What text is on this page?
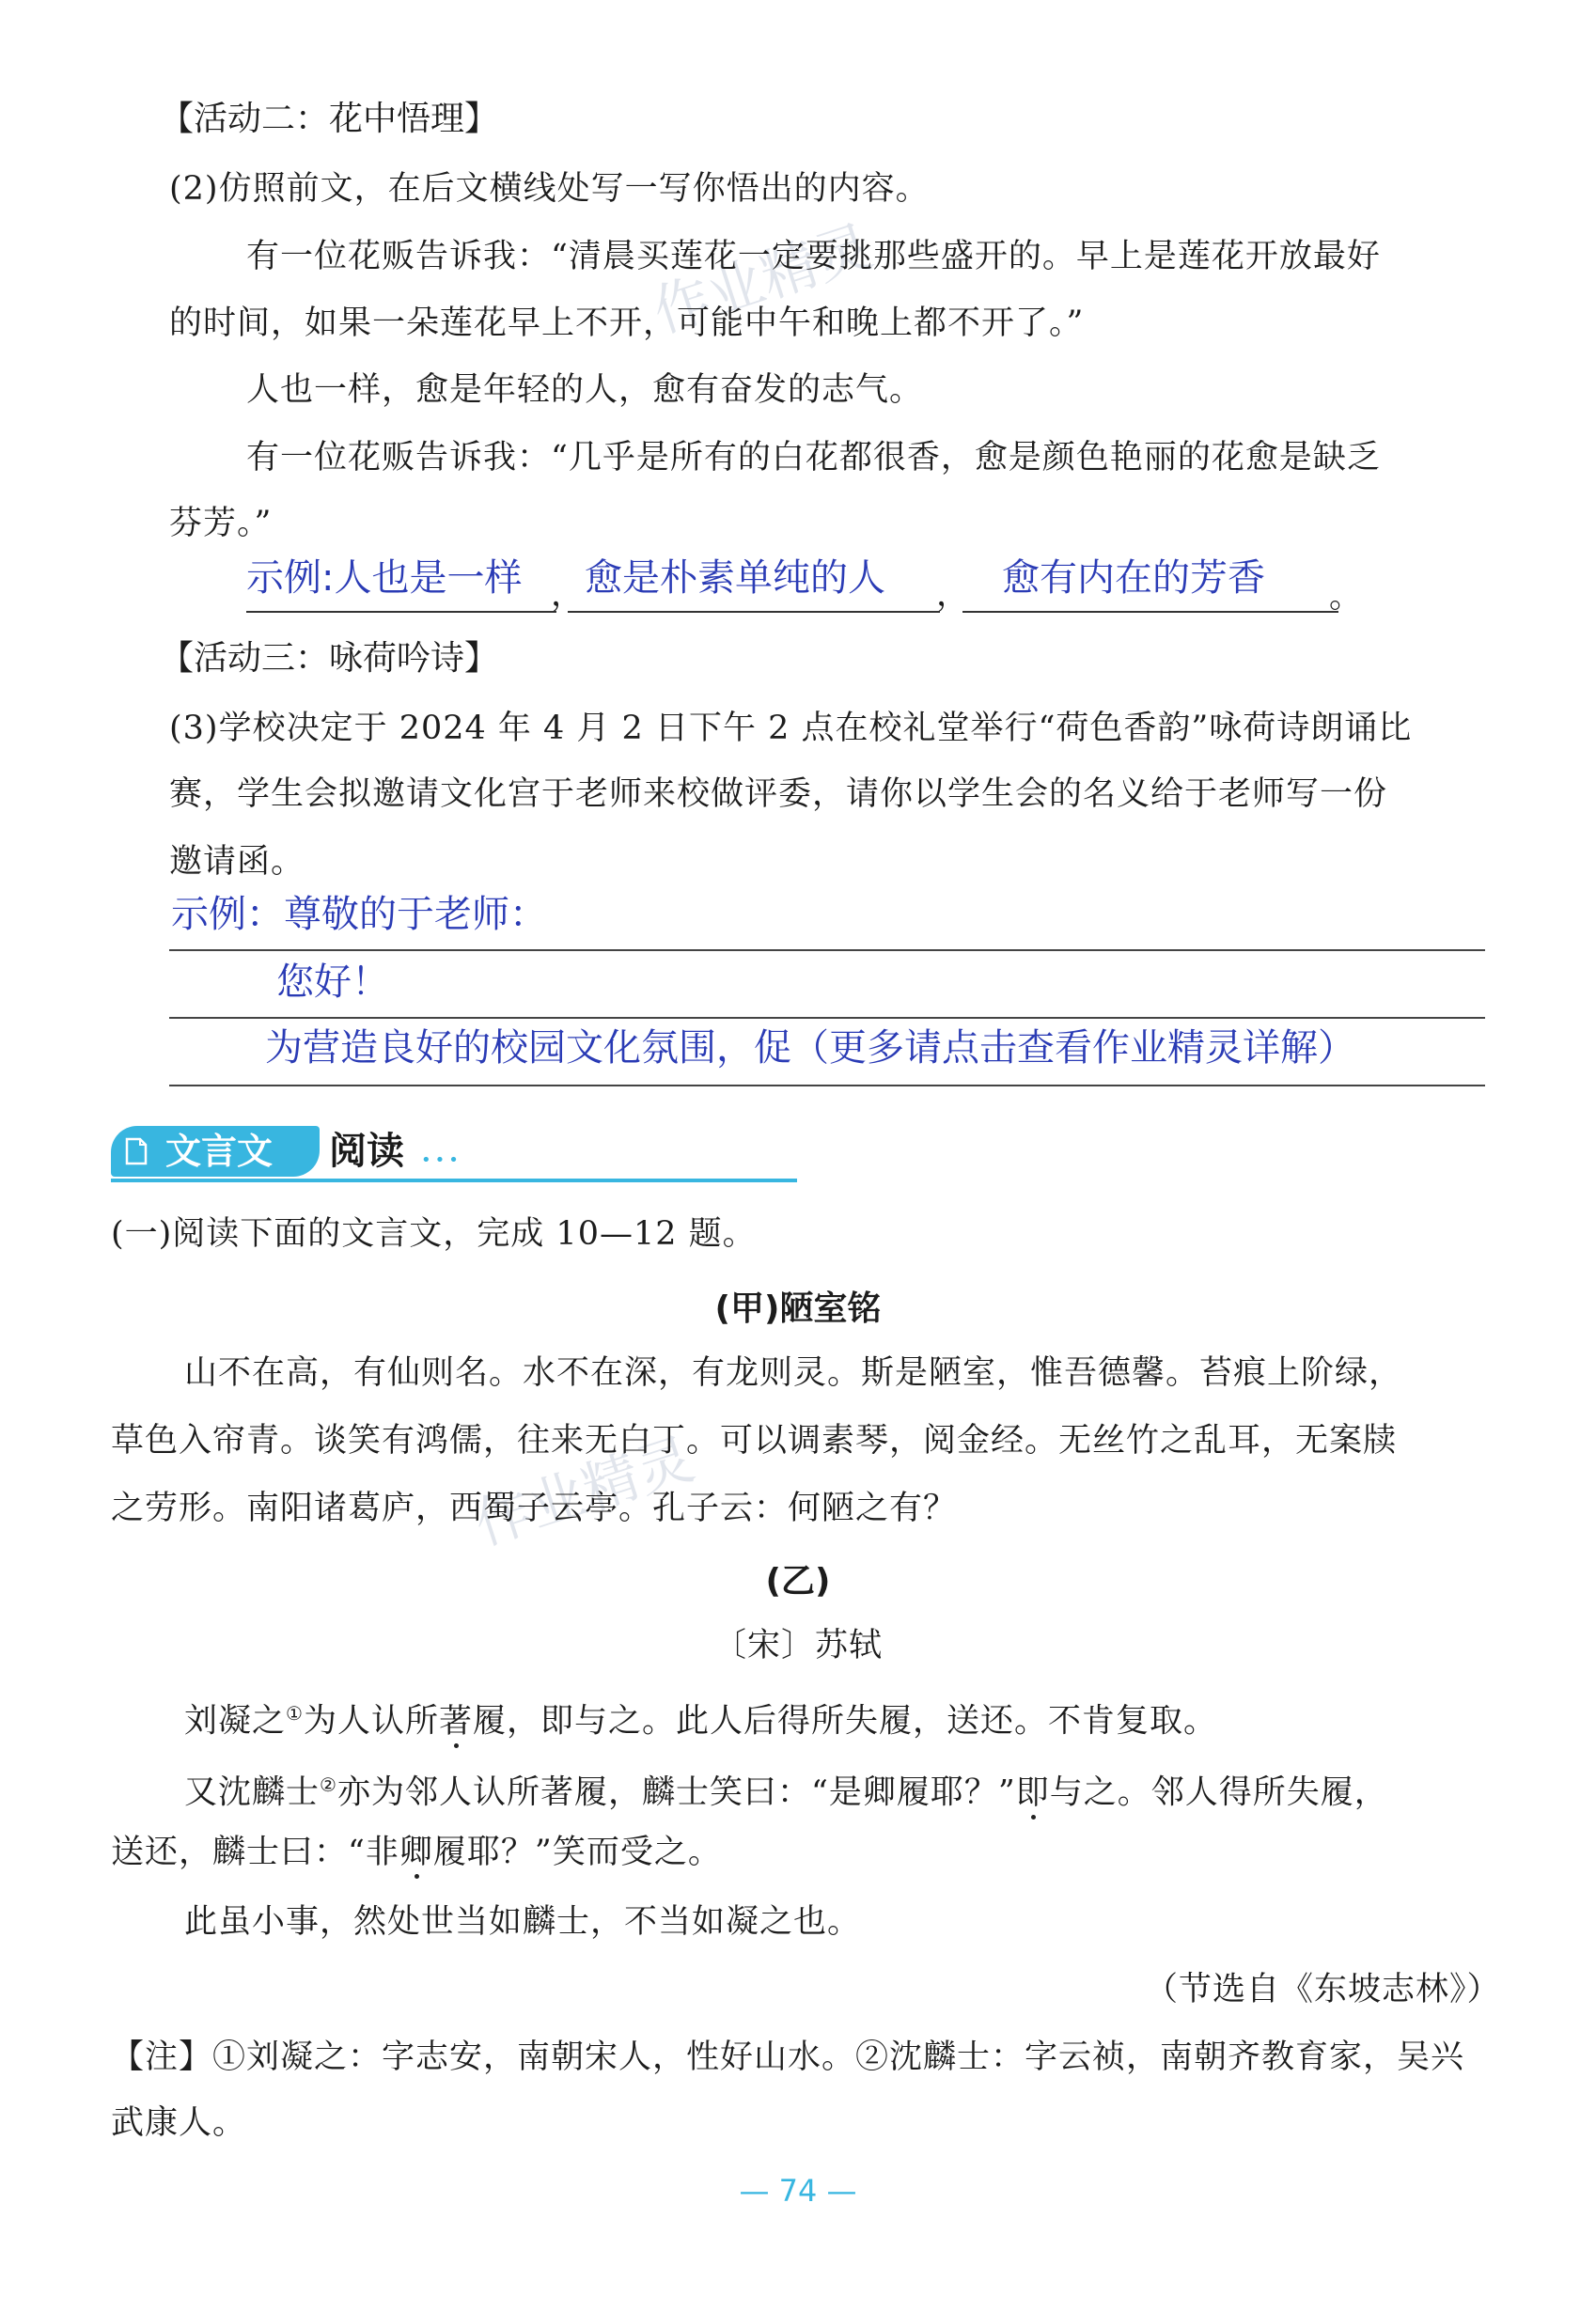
作业精灵
作业精灵
【活动二：花中悟理】
(2)仿照前文，在后文横线处写一写你悟出的内容。
有一位花贩告诉我：“清晨买莲花一定要挑那些盛开的。早上是莲花开放最好
的时间，如果一朵莲花早上不开，可能中午和晚上都不开了。”
人也一样，愈是年轻的人，愈有奋发的志气。
有一位花贩告诉我：“几乎是所有的白花都很香，愈是颜色艳丽的花愈是缺乏
芬芳。”
示例:人也是一样 ， 愈是朴素单纯的人 ， 愈有内在的芳香 。
【活动三：咏荷吟诗】
(3)学校决定于 2024 年 4 月 2 日下午 2 点在校礼堂举行“荷色香韵”咏荷诗朗诵比
赛，学生会拟邀请文化宫于老师来校做评委，请你以学生会的名义给于老师写一份
邀请函。
示例：尊敬的于老师：
您好！
为营造良好的校园文化氛围，促（更多请点击查看作业精灵详解）
文言文 阅读 •••
(一)阅读下面的文言文，完成 10—12 题。
(甲)陋室铭
山不在高，有仙则名。水不在深，有龙则灵。斯是陋室，惟吾德馨。苔痕上阶绿，
草色入帘青。谈笑有鸿儒，往来无白丁。可以调素琴，阅金经。无丝竹之乱耳，无案牍
之劳形。南阳诸葛庐，西蜀子云亭。孔子云：何陋之有？
(乙)
〔宋〕苏轼
刘凝之①为人认所著履，即与之。此人后得所失履，送还。不肯复取。
又沈麟士②亦为邻人认所著履，麟士笑曰：“是卿履耶？”即与之。邻人得所失履，
送还，麟士曰：“非卿履耶？”笑而受之。
此虽小事，然处世当如麟士，不当如凝之也。
（节选自《东坡志林》）
【注】①刘凝之：字志安，南朝宋人，性好山水。②沈麟士：字云祯，南朝齐教育家，吴兴
武康人。
— 74 —
